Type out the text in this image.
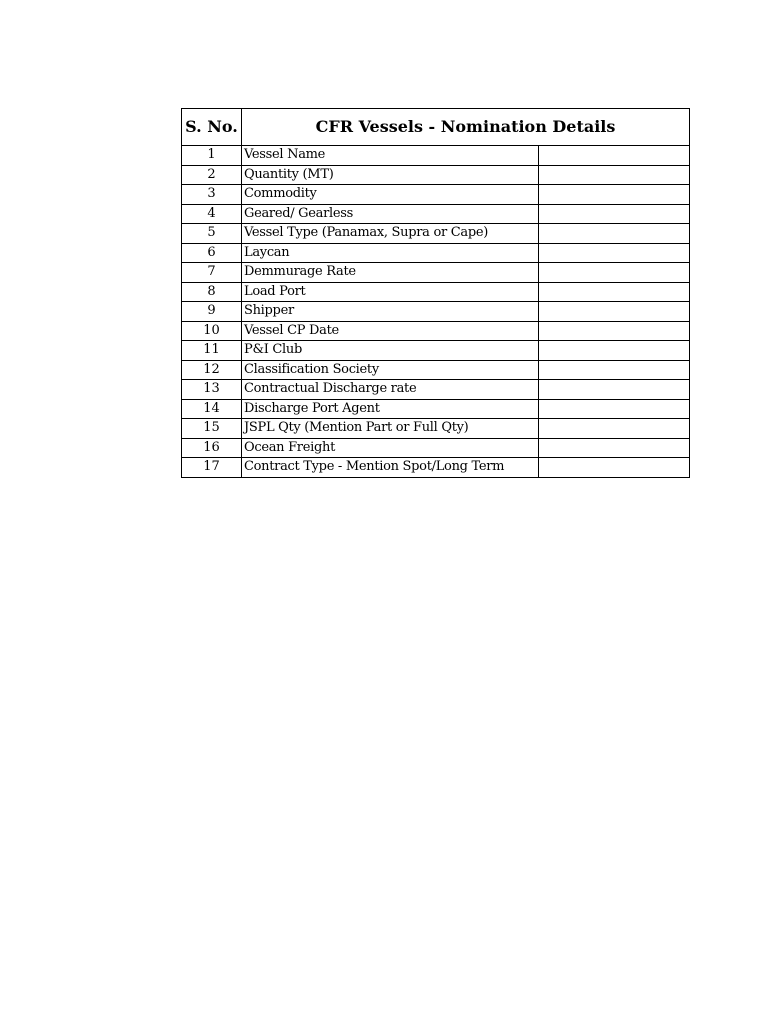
S. No.	CFR Vessels - Nomination Details	
1	Vessel Name	
2	Quantity (MT)	
3	Commodity	
4	Geared/ Gearless	
5	Vessel Type (Panamax, Supra or Cape)	
6	Laycan	
7	Demmurage Rate	
8	Load Port	
9	Shipper	
10	Vessel CP Date	
11	P&I Club	
12	Classification Society	
13	Contractual Discharge rate	
14	Discharge Port Agent	
15	JSPL Qty (Mention Part or Full Qty)	
16	Ocean Freight	
17	Contract Type - Mention Spot/Long Term	
